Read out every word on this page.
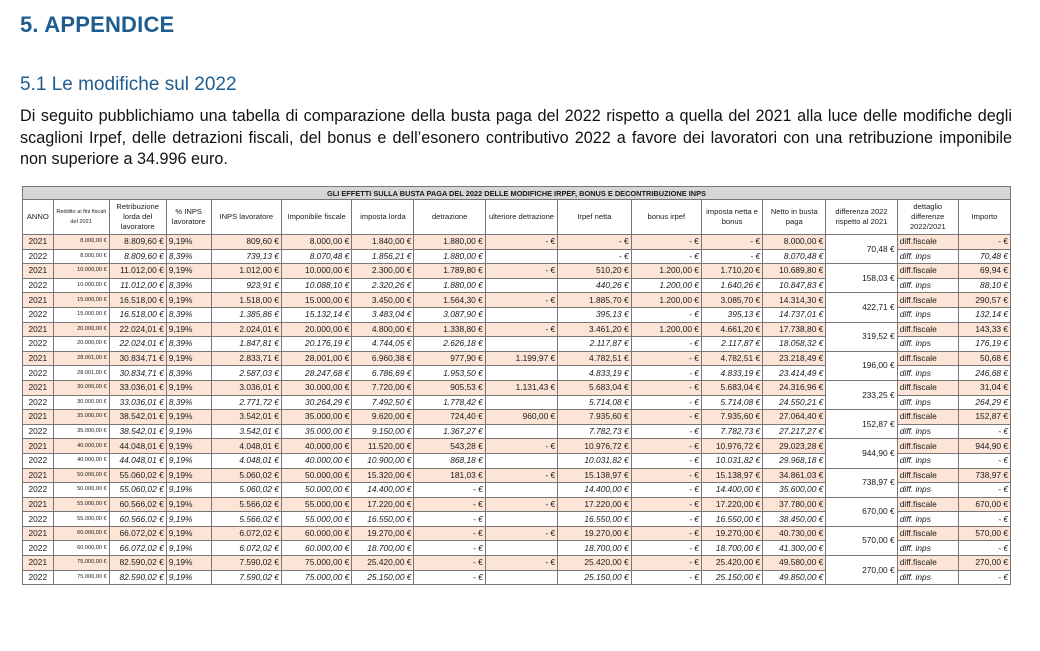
5. APPENDICE
5.1 Le modifiche sul 2022
Di seguito pubblichiamo una tabella di comparazione della busta paga del 2022 rispetto a quella del 2021 alla luce delle modifiche degli scaglioni Irpef, delle detrazioni fiscali, del bonus e dell’esonero contributivo 2022 a favore dei lavoratori con una retribuzione imponibile non superiore a 34.996 euro.
GLI EFFETTI SULLA BUSTA PAGA DEL 2022 DELLE MODIFICHE IRPEF, BONUS E DECONTRIBUZIONE INPS															
ANNO	Reddito ai fini fiscali del 2021	Retribuzione lorda del lavoratore	% INPS lavoratore	INPS lavoratore	Imponibile fiscale	imposta lorda	detrazione	ulteriore detrazione	Irpef netta	bonus irpef	imposta netta e bonus	Netto in busta paga	differenza 2022 rispetto al 2021	dettaglio differenze 2022/2021	Importo
2021	8.000,00 €	8.809,60 €	9,19%	809,60 €	8.000,00 €	1.840,00 €	1.880,00 €	- €	- €	- €	- €	8.000,00 €	70,48 €	diff.fiscale	- €
2022	8.000,00 €	8.809,60 €	8,39%	739,13 €	8.070,48 €	1.856,21 €	1.880,00 €		- €	- €	- €	8.070,48 €		diff. inps	70,48 €
2021	10.000,00 €	11.012,00 €	9,19%	1.012,00 €	10.000,00 €	2.300,00 €	1.789,80 €	- €	510,20 €	1.200,00 €	1.710,20 €	10.689,80 €	158,03 €	diff.fiscale	69,94 €
2022	10.000,00 €	11.012,00 €	8,39%	923,91 €	10.088,10 €	2.320,26 €	1.880,00 €		440,26 €	1.200,00 €	1.640,26 €	10.847,83 €		diff. inps	88,10 €
2021	15.000,00 €	16.518,00 €	9,19%	1.518,00 €	15.000,00 €	3.450,00 €	1.564,30 €	- €	1.885,70 €	1.200,00 €	3.085,70 €	14.314,30 €	422,71 €	diff.fiscale	290,57 €
2022	15.000,00 €	16.518,00 €	8,39%	1.385,86 €	15.132,14 €	3.483,04 €	3.087,90 €		395,13 €	- €	395,13 €	14.737,01 €		diff. inps	132,14 €
2021	20.000,00 €	22.024,01 €	9,19%	2.024,01 €	20.000,00 €	4.800,00 €	1.338,80 €	- €	3.461,20 €	1.200,00 €	4.661,20 €	17.738,80 €	319,52 €	diff.fiscale	143,33 €
2022	20.000,00 €	22.024,01 €	8,39%	1.847,81 €	20.176,19 €	4.744,05 €	2.626,18 €		2.117,87 €	- €	2.117,87 €	18.058,32 €		diff. inps	176,19 €
2021	28.001,00 €	30.834,71 €	9,19%	2.833,71 €	28.001,00 €	6.960,38 €	977,90 €	1.199,97 €	4.782,51 €	- €	4.782,51 €	23.218,49 €	196,00 €	diff.fiscale	50,68 €
2022	28.001,00 €	30.834,71 €	8,39%	2.587,03 €	28.247,68 €	6.786,69 €	1.953,50 €		4.833,19 €	- €	4.833,19 €	23.414,49 €		diff. inps	246,68 €
2021	30.000,00 €	33.036,01 €	9,19%	3.036,01 €	30.000,00 €	7.720,00 €	905,53 €	1.131,43 €	5.683,04 €	- €	5.683,04 €	24.316,96 €	233,25 €	diff.fiscale	31,04 €
2022	30.000,00 €	33.036,01 €	8,39%	2.771,72 €	30.264,29 €	7.492,50 €	1.778,42 €		5.714,08 €	- €	5.714,08 €	24.550,21 €		diff. inps	264,29 €
2021	35.000,00 €	38.542,01 €	9,19%	3.542,01 €	35.000,00 €	9.620,00 €	724,40 €	960,00 €	7.935,60 €	- €	7.935,60 €	27.064,40 €	152,87 €	diff.fiscale	152,87 €
2022	35.000,00 €	38.542,01 €	9,19%	3.542,01 €	35.000,00 €	9.150,00 €	1.367,27 €		7.782,73 €	- €	7.782,73 €	27.217,27 €		diff. inps	- €
2021	40.000,00 €	44.048,01 €	9,19%	4.048,01 €	40.000,00 €	11.520,00 €	543,28 €	- €	10.976,72 €	- €	10.976,72 €	29.023,28 €	944,90 €	diff.fiscale	944,90 €
2022	40.000,00 €	44.048,01 €	9,19%	4.048,01 €	40.000,00 €	10.900,00 €	868,18 €		10.031,82 €	- €	10.031,82 €	29.968,18 €		diff. inps	- €
2021	50.000,00 €	55.060,02 €	9,19%	5.060,02 €	50.000,00 €	15.320,00 €	181,03 €	- €	15.138,97 €	- €	15.138,97 €	34.861,03 €	738,97 €	diff.fiscale	738,97 €
2022	50.000,00 €	55.060,02 €	9,19%	5.060,02 €	50.000,00 €	14.400,00 €	- €		14.400,00 €	- €	14.400,00 €	35.600,00 €		diff. inps	- €
2021	55.000,00 €	60.566,02 €	9,19%	5.566,02 €	55.000,00 €	17.220,00 €	- €	- €	17.220,00 €	- €	17.220,00 €	37.780,00 €	670,00 €	diff.fiscale	670,00 €
2022	55.000,00 €	60.566,02 €	9,19%	5.566,02 €	55.000,00 €	16.550,00 €	- €		16.550,00 €	- €	16.550,00 €	38.450,00 €		diff. inps	- €
2021	60.000,00 €	66.072,02 €	9,19%	6.072,02 €	60.000,00 €	19.270,00 €	- €	- €	19.270,00 €	- €	19.270,00 €	40.730,00 €	570,00 €	diff.fiscale	570,00 €
2022	60.000,00 €	66.072,02 €	9,19%	6.072,02 €	60.000,00 €	18.700,00 €	- €		18.700,00 €	- €	18.700,00 €	41.300,00 €		diff. inps	- €
2021	75.000,00 €	82.590,02 €	9,19%	7.590,02 €	75.000,00 €	25.420,00 €	- €	- €	25.420,00 €	- €	25.420,00 €	49.580,00 €	270,00 €	diff.fiscale	270,00 €
2022	75.000,00 €	82.590,02 €	9,19%	7.590,02 €	75.000,00 €	25.150,00 €	- €		25.150,00 €	- €	25.150,00 €	49.850,00 €		diff. inps	- €
